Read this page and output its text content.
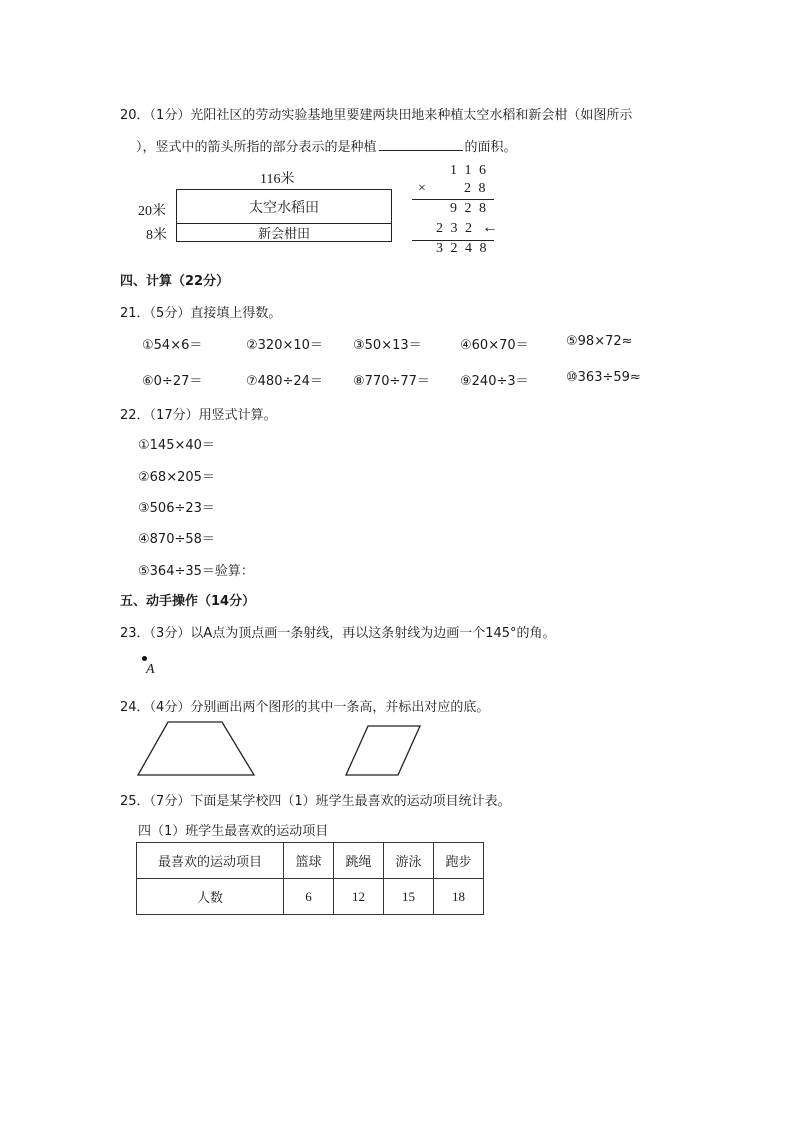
20．（1分）光阳社区的劳动实验基地里要建两块田地来种植太空水稻和新会柑（如图所示
），竖式中的箭头所指的部分表示的是种植	的面积。
116米
20米
8米
太空水稻田
新会柑田
1 1 6
×	2 8
9 2 8
2 3 2 ←
3 2 4 8
四、计算（22分）
21．（5分）直接填上得数。
①54×6＝	②320×10＝ ③50×13＝	④60×70＝	⑤98×72≈
⑥0÷27＝	⑦480÷24＝ ⑧770÷77＝ ⑨240÷3＝	⑩363÷59≈
22．（17分）用竖式计算。
①145×40＝
②68×205＝
③506÷23＝
④870÷58＝
⑤364÷35＝验算：
五、动手操作（14分）
23．（3分）以A点为顶点画一条射线，再以这条射线为边画一个145°的角。
A
24．（4分）分别画出两个图形的其中一条高，并标出对应的底。
25．（7分）下面是某学校四（1）班学生最喜欢的运动项目统计表。
四（1）班学生最喜欢的运动项目
最喜欢的运动项目	篮球	跳绳	游泳	跑步
人数	6	12	15	18
